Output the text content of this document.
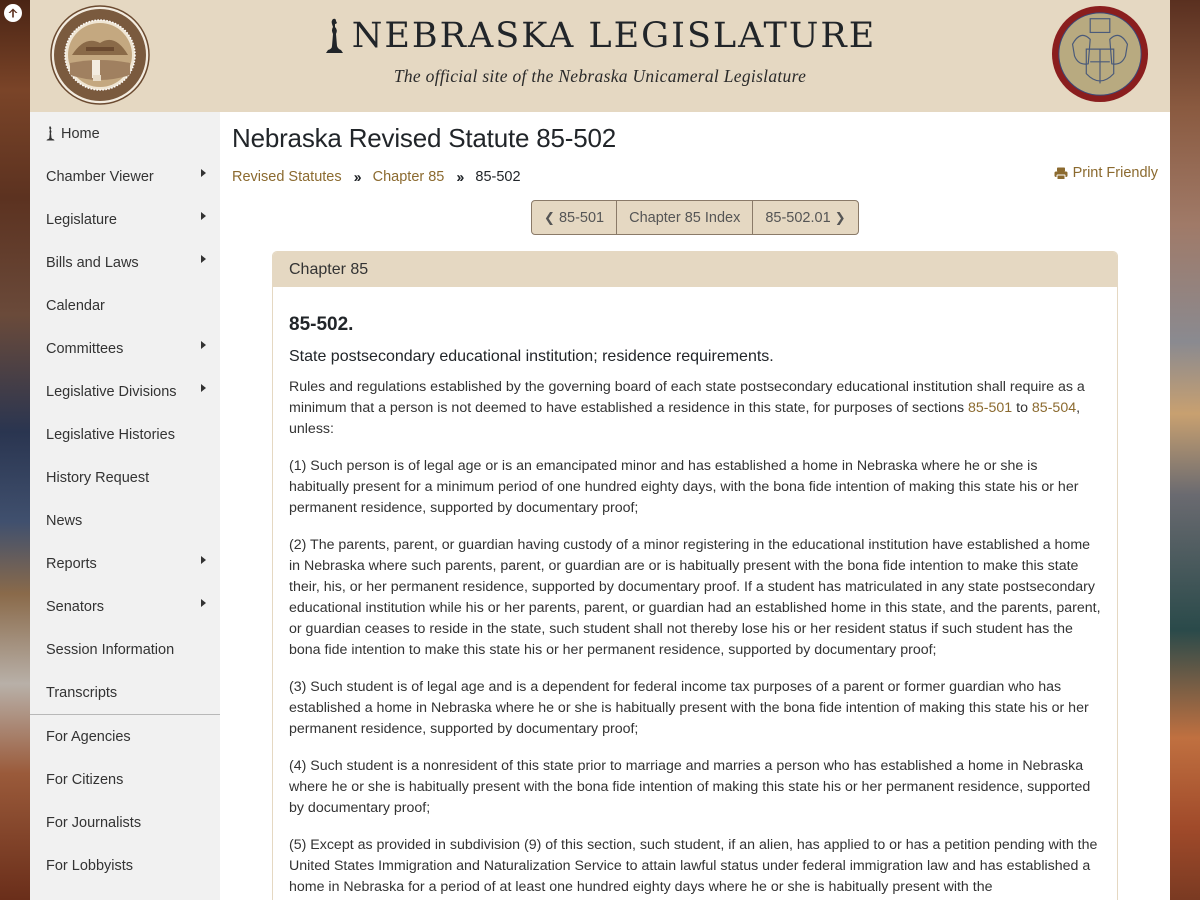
NEBRASKA LEGISLATURE
The official site of the Nebraska Unicameral Legislature
Home
Chamber Viewer
Legislature
Bills and Laws
Calendar
Committees
Legislative Divisions
Legislative Histories
History Request
News
Reports
Senators
Session Information
Transcripts
For Agencies
For Citizens
For Journalists
For Lobbyists
Nebraska Revised Statute 85-502
Revised Statutes ›› Chapter 85 ›› 85-502	Print Friendly
❮
85-501 Chapter 85 Index 85-502.01
❯
Chapter 85
85-502.
State postsecondary educational institution; residence requirements.

Rules and regulations established by the governing board of each state postsecondary educational institution shall require as a minimum that a person is not deemed to have established a residence in this state, for purposes of sections 85-501 to 85-504, unless:

(1) Such person is of legal age or is an emancipated minor and has established a home in Nebraska where he or she is habitually present for a minimum period of one hundred eighty days, with the bona fide intention of making this state his or her permanent residence, supported by documentary proof;

(2) The parents, parent, or guardian having custody of a minor registering in the educational institution have established a home in Nebraska where such parents, parent, or guardian are or is habitually present with the bona fide intention to make this state their, his, or her permanent residence, supported by documentary proof. If a student has matriculated in any state postsecondary educational institution while his or her parents, parent, or guardian had an established home in this state, and the parents, parent, or guardian ceases to reside in the state, such student shall not thereby lose his or her resident status if such student has the bona fide intention to make this state his or her permanent residence, supported by documentary proof;

(3) Such student is of legal age and is a dependent for federal income tax purposes of a parent or former guardian who has established a home in Nebraska where he or she is habitually present with the bona fide intention of making this state his or her permanent residence, supported by documentary proof;

(4) Such student is a nonresident of this state prior to marriage and marries a person who has established a home in Nebraska where he or she is habitually present with the bona fide intention of making this state his or her permanent residence, supported by documentary proof;

(5) Except as provided in subdivision (9) of this section, such student, if an alien, has applied to or has a petition pending with the United States Immigration and Naturalization Service to attain lawful status under federal immigration law and has established a home in Nebraska for a period of at least one hundred eighty days where he or she is habitually present with the
